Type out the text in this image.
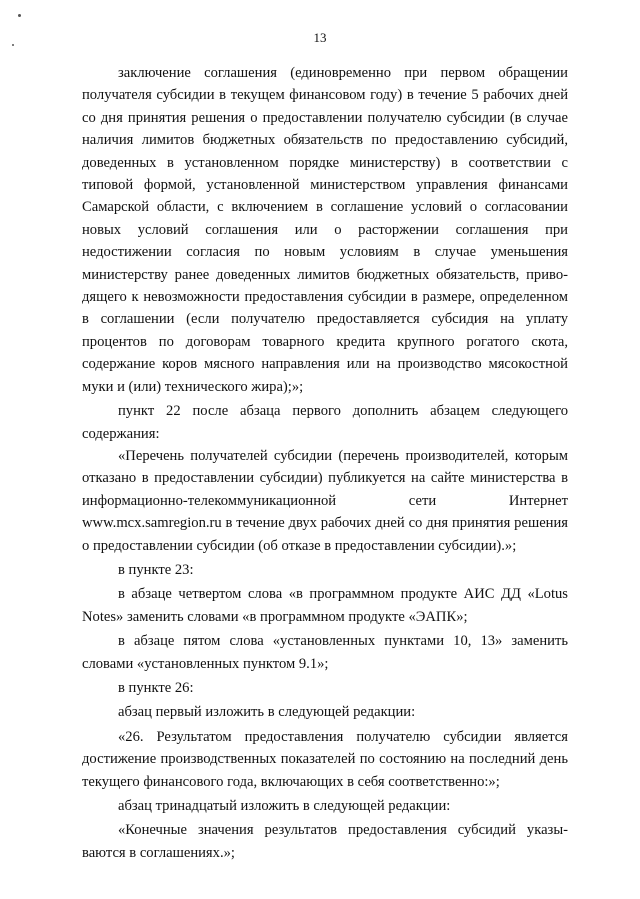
13

заключение соглашения (единовременно при первом обращении получателя субсидии в текущем финансовом году) в течение 5 рабочих дней со дня принятия решения о предоставлении получателю субсидии (в случае наличия лимитов бюджетных обязательств по предоставлению субсидий, доведенных в установленном порядке министерству) в соответствии с типовой формой, установленной министерством управления финансами Самарской области, с включением в соглашение условий о согласовании новых условий соглашения или о расторжении соглашения при недостижении согласия по новым условиям в случае уменьшения министерству ранее доведенных лимитов бюджетных обязательств, приводящего к невозможности предоставления субсидии в размере, определенном в соглашении (если получателю предоставляется субсидия на уплату процентов по договорам товарного кредита крупного рогатого скота, содержание коров мясного направления или на производство мясокостной муки и (или) технического жира);»;

пункт 22 после абзаца первого дополнить абзацем следующего содержания:

«Перечень получателей субсидии (перечень производителей, которым отказано в предоставлении субсидии) публикуется на сайте министерства в информационно-телекоммуникационной сети Интернет www.mcx.samregion.ru в течение двух рабочих дней со дня принятия решения о предоставлении субсидии (об отказе в предоставлении субсидии).»;

в пункте 23:

в абзаце четвертом слова «в программном продукте АИС ДД «Lotus Notes» заменить словами «в программном продукте «ЭАПК»;

в абзаце пятом слова «установленных пунктами 10, 13» заменить словами «установленных пунктом 9.1»;

в пункте 26:

абзац первый изложить в следующей редакции:

«26. Результатом предоставления получателю субсидии является достижение производственных показателей по состоянию на последний день текущего финансового года, включающих в себя соответственно:»;

абзац тринадцатый изложить в следующей редакции:

«Конечные значения результатов предоставления субсидий указываются в соглашениях.»;
